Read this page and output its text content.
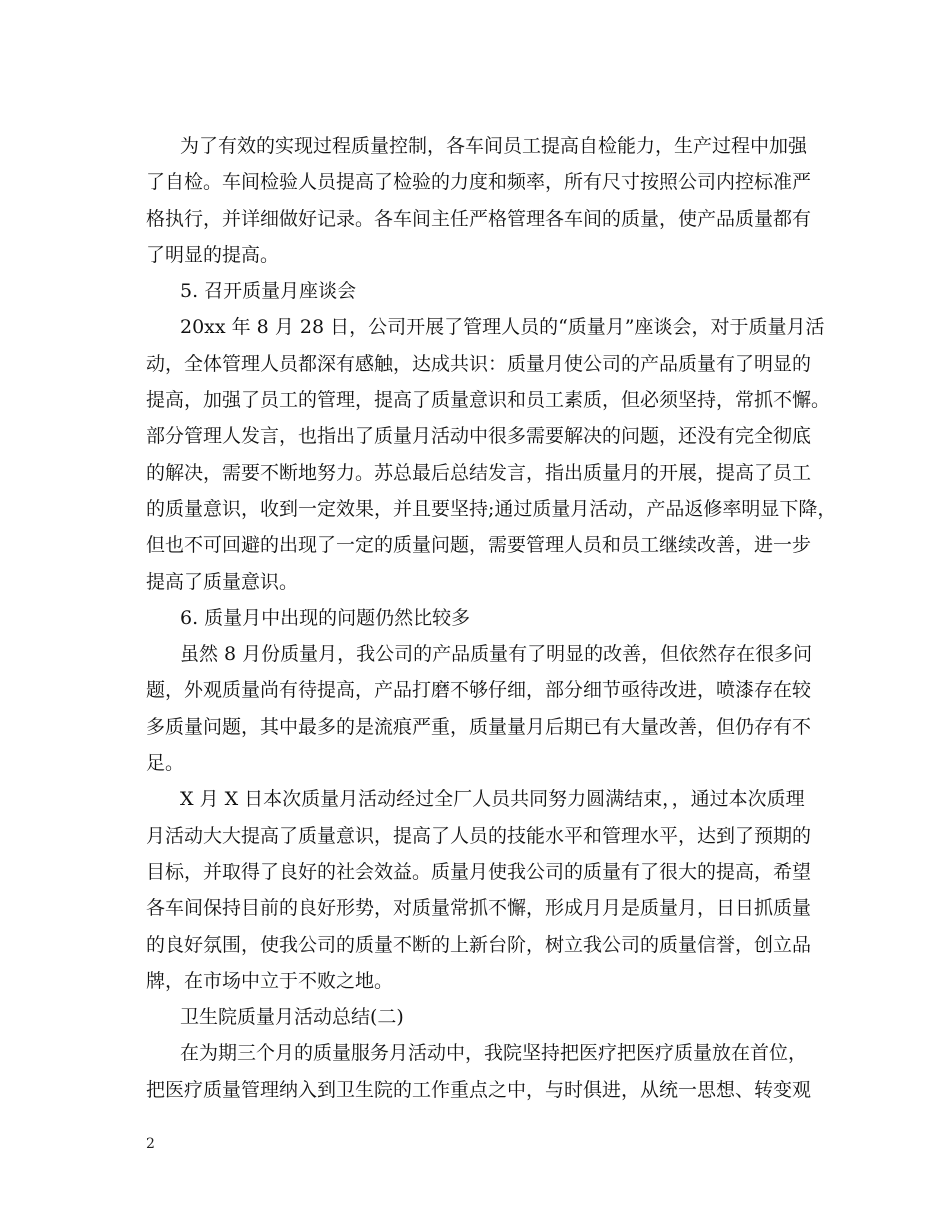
为了有效的实现过程质量控制，各车间员工提高自检能力，生产过程中加强
了自检。车间检验人员提高了检验的力度和频率，所有尺寸按照公司内控标准严
格执行，并详细做好记录。各车间主任严格管理各车间的质量，使产品质量都有
了明显的提高。
5. 召开质量月座谈会
20xx 年 8 月 28 日，公司开展了管理人员的“质量月”座谈会，对于质量月活
动，全体管理人员都深有感触，达成共识：质量月使公司的产品质量有了明显的
提高，加强了员工的管理，提高了质量意识和员工素质，但必须坚持，常抓不懈。
部分管理人发言，也指出了质量月活动中很多需要解决的问题，还没有完全彻底
的解决，需要不断地努力。苏总最后总结发言，指出质量月的开展，提高了员工
的质量意识，收到一定效果，并且要坚持;通过质量月活动，产品返修率明显下降，
但也不可回避的出现了一定的质量问题，需要管理人员和员工继续改善，进一步
提高了质量意识。
6. 质量月中出现的问题仍然比较多
虽然 8 月份质量月，我公司的产品质量有了明显的改善，但依然存在很多问
题，外观质量尚有待提高，产品打磨不够仔细，部分细节亟待改进，喷漆存在较
多质量问题，其中最多的是流痕严重，质量量月后期已有大量改善，但仍存有不
足。
X 月 X 日本次质量月活动经过全厂人员共同努力圆满结束，，通过本次质理
月活动大大提高了质量意识，提高了人员的技能水平和管理水平，达到了预期的
目标，并取得了良好的社会效益。质量月使我公司的质量有了很大的提高，希望
各车间保持目前的良好形势，对质量常抓不懈，形成月月是质量月，日日抓质量
的良好氛围，使我公司的质量不断的上新台阶，树立我公司的质量信誉，创立品
牌，在市场中立于不败之地。
卫生院质量月活动总结(二)
在为期三个月的质量服务月活动中，我院坚持把医疗把医疗质量放在首位，
把医疗质量管理纳入到卫生院的工作重点之中，与时俱进，从统一思想、转变观
2
